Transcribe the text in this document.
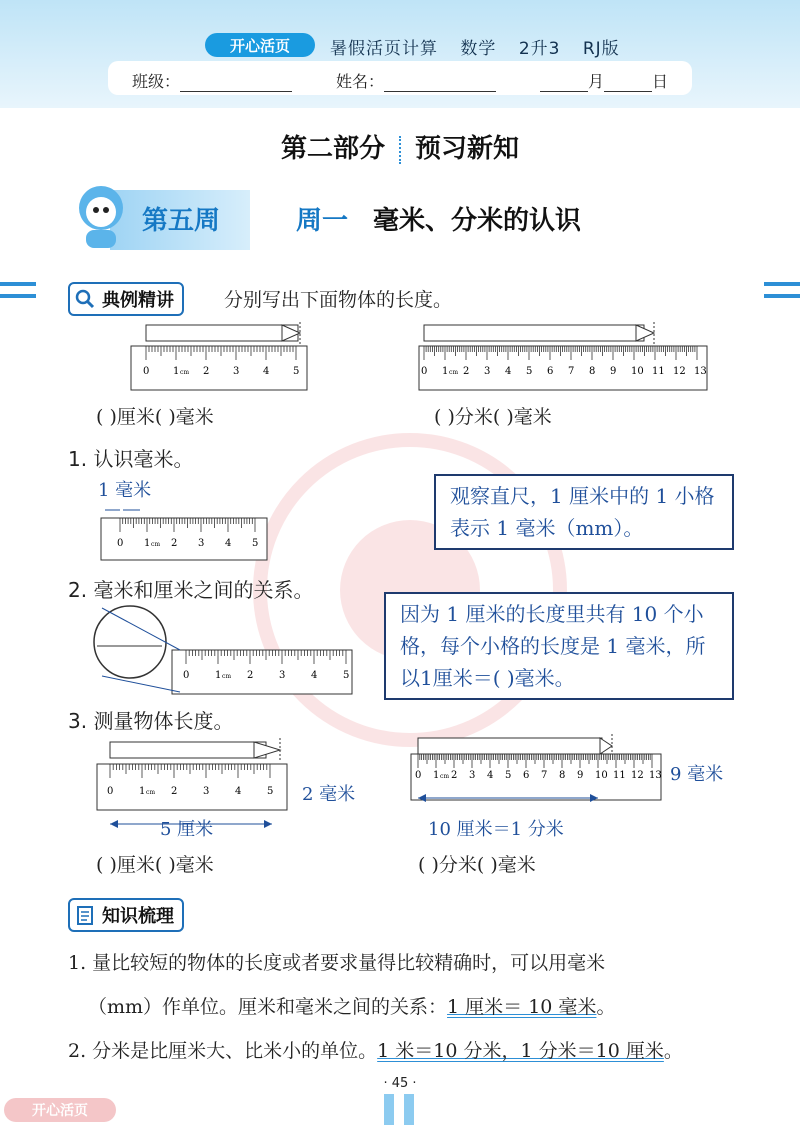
开心活页	暑假活页计算 数学 2升3 RJ版
班级：	姓名：	月	日
第二部分 预习新知
第五周	周一 毫米、分米的认识
典例精讲	分别写出下面物体的长度。
0 1 cm 2 3 4 5	0 1 cm 2 3 4 5 6 7 8 9 10 11 12 13
( )厘米( )毫米	( )分米( )毫米
1. 认识毫米。
1 毫米
0 1 cm 2 3 4 5
观察直尺，1 厘米中的 1 小格表示 1 毫米（mm）。
2. 毫米和厘米之间的关系。
0	1 cm 2	3	4	5
因为 1 厘米的长度里共有 10 个小格，每个小格的长度是 1 毫米，所以1厘米＝( )毫米。
3. 测量物体长度。
0	1 cm 2	3	4	5
5 厘米
2 毫米
0 1 cm 2 3 4 5 6 7 8 9 10 11 12 13
10 厘米＝1 分米
9 毫米
( )厘米( )毫米	( )分米( )毫米
知识梳理
1. 量比较短的物体的长度或者要求量得比较精确时，可以用毫米
（mm）作单位。厘米和毫米之间的关系：1 厘米＝ 10 毫米。
2. 分米是比厘米大、比米小的单位。1 米＝10 分米，1 分米＝10 厘米。
· 45 ·
开心活页
